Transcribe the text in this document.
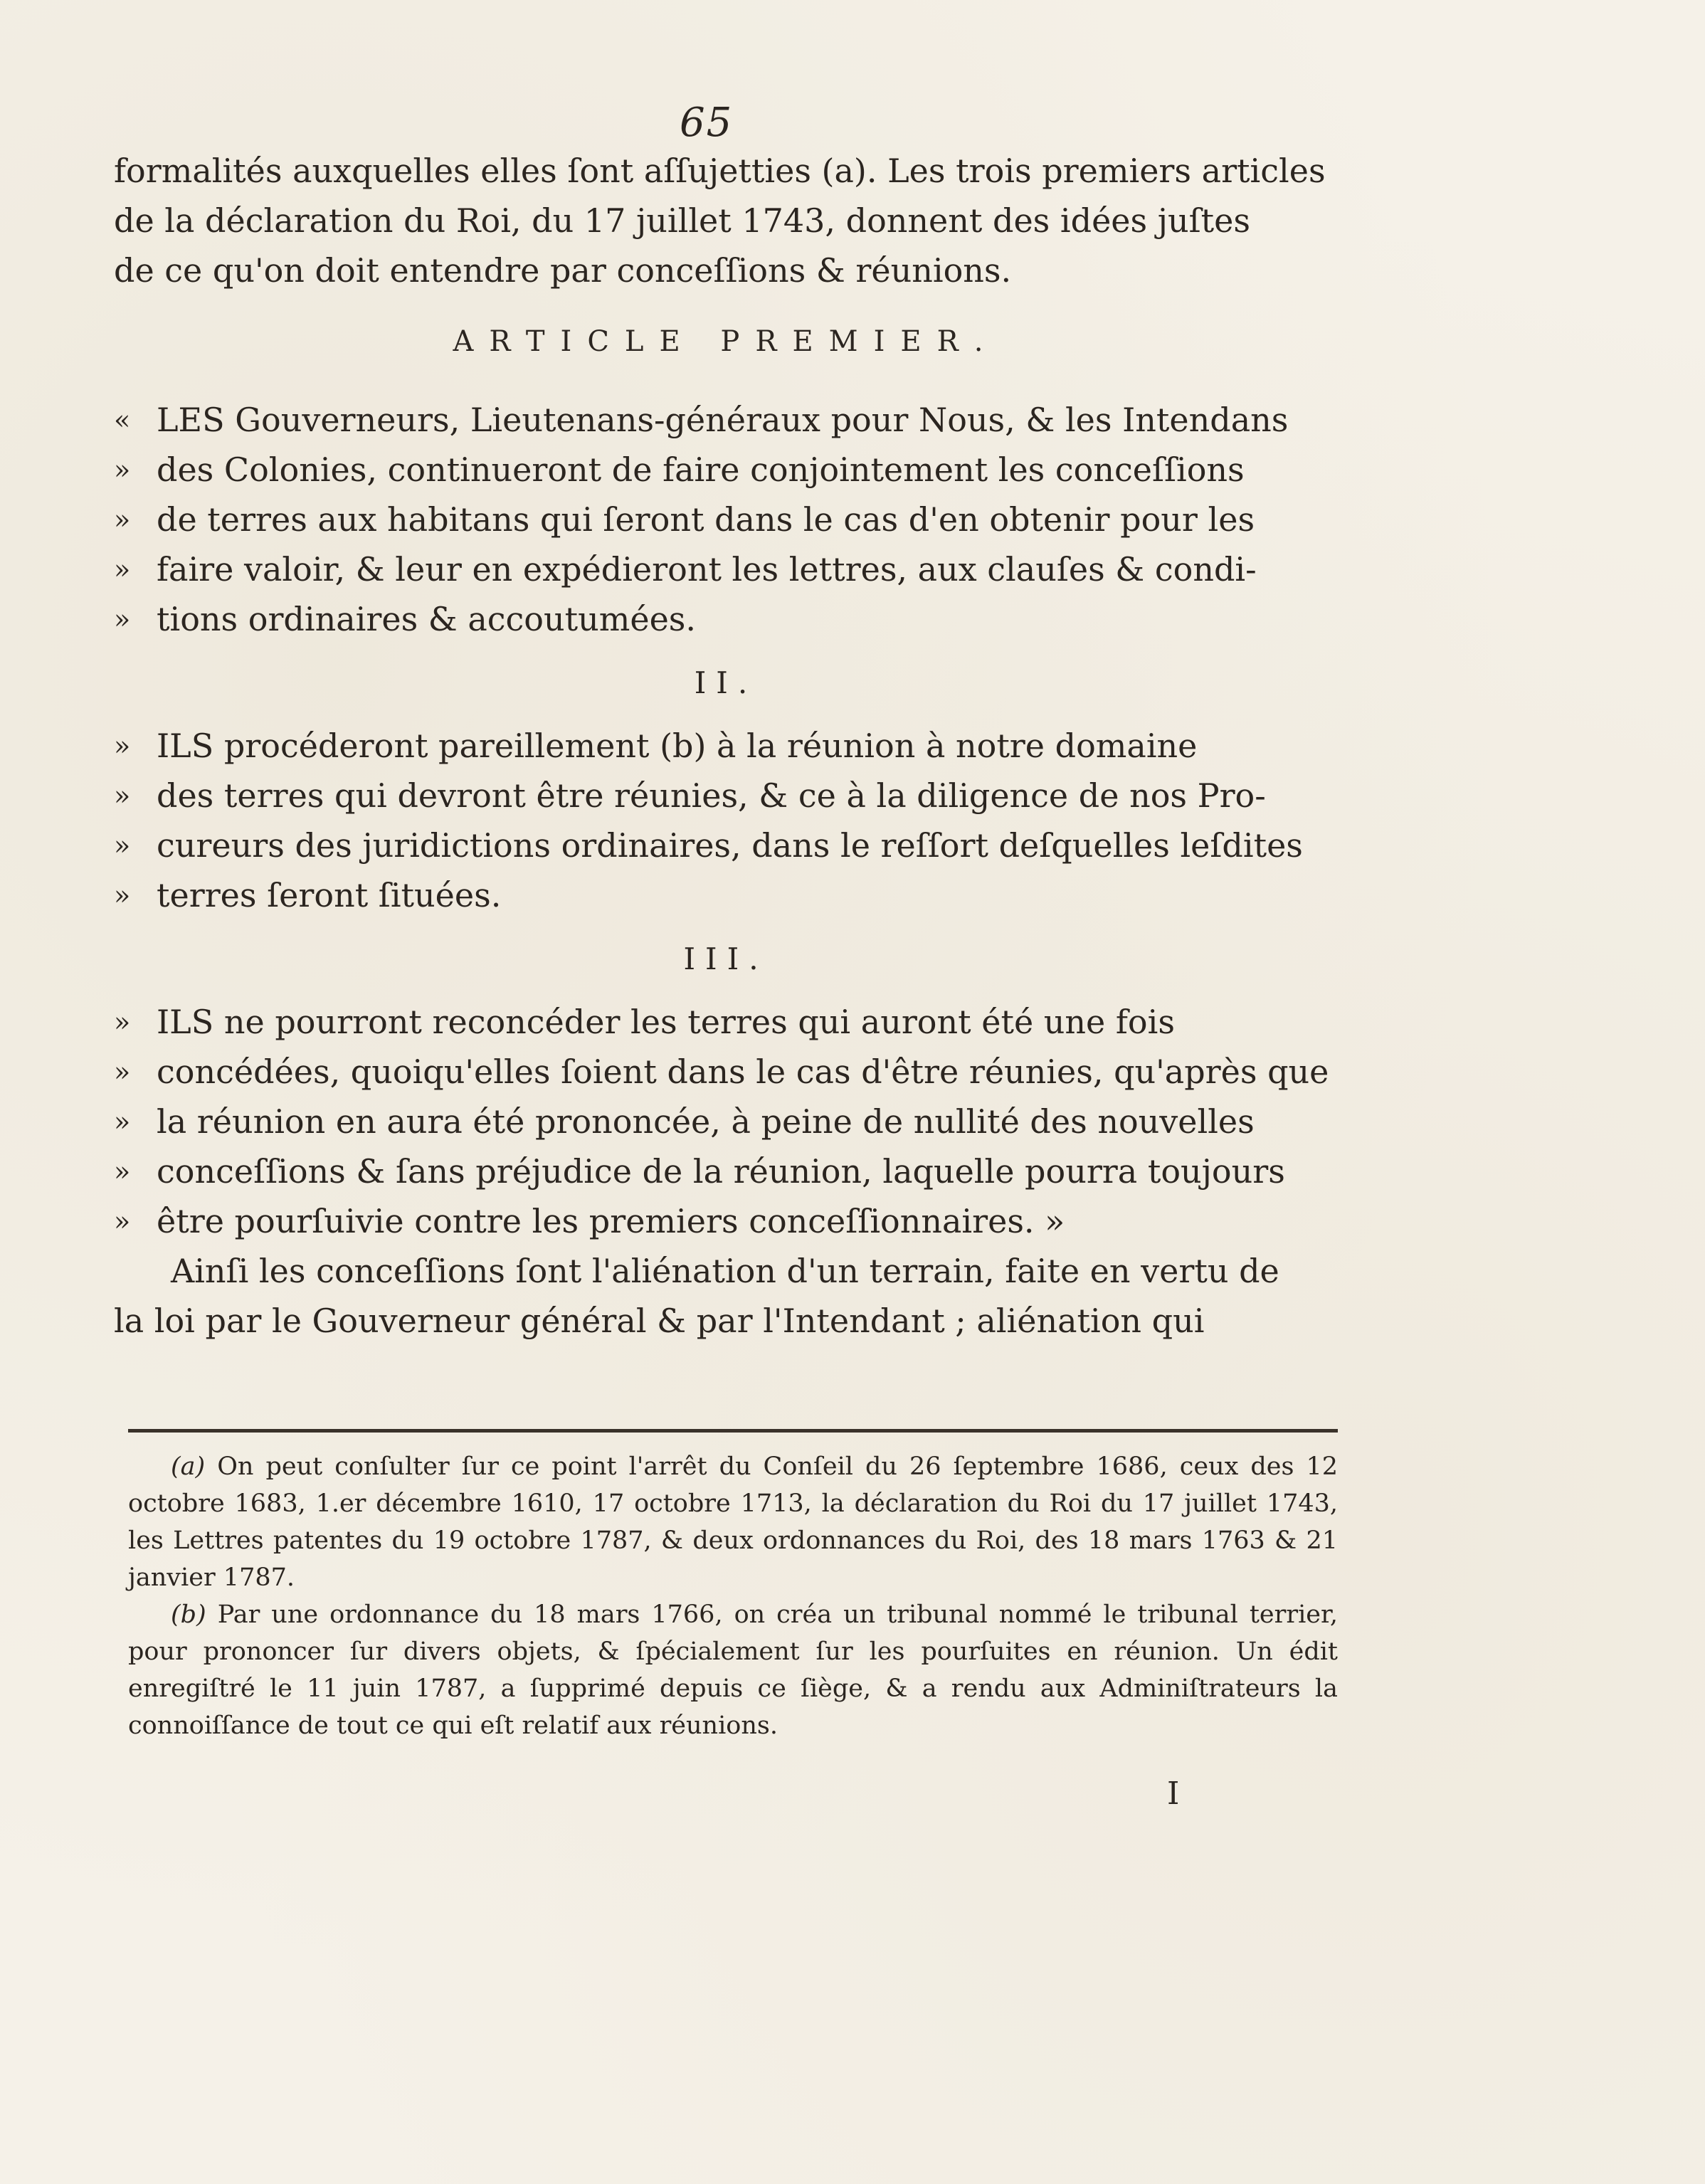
65

formalités auxquelles elles ſont aſſujetties (a). Les trois premiers articles

de la déclaration du Roi, du 17 juillet 1743, donnent des idées juſtes

de ce qu'on doit entendre par conceſſions & réunions.

ARTICLE PREMIER.

« LES Gouverneurs, Lieutenans-généraux pour Nous, & les Intendans

» des Colonies, continueront de faire conjointement les conceſſions

» de terres aux habitans qui ſeront dans le cas d'en obtenir pour les

» faire valoir, & leur en expédieront les lettres, aux clauſes & condi-

» tions ordinaires & accoutumées.

II.

» ILS procéderont pareillement (b) à la réunion à notre domaine

» des terres qui devront être réunies, & ce à la diligence de nos Pro-

» cureurs des juridictions ordinaires, dans le reſſort deſquelles leſdites

» terres ſeront ſituées.

III.

» ILS ne pourront reconcéder les terres qui auront été une fois

» concédées, quoiqu'elles ſoient dans le cas d'être réunies, qu'après que

» la réunion en aura été prononcée, à peine de nullité des nouvelles

» conceſſions & ſans préjudice de la réunion, laquelle pourra toujours

» être pourſuivie contre les premiers conceſſionnaires. »

Ainſi les conceſſions ſont l'aliénation d'un terrain, faite en vertu de

la loi par le Gouverneur général & par l'Intendant ; aliénation qui

(a) On peut conſulter ſur ce point l'arrêt du Conſeil du 26 ſeptembre 1686, ceux des 12 octobre 1683, 1.er décembre 1610, 17 octobre 1713, la déclaration du Roi du 17 juillet 1743, les Lettres patentes du 19 octobre 1787, & deux ordonnances du Roi, des 18 mars 1763 & 21 janvier 1787.

(b) Par une ordonnance du 18 mars 1766, on créa un tribunal nommé le tribunal terrier, pour prononcer ſur divers objets, & ſpécialement ſur les pourſuites en réunion. Un édit enregiſtré le 11 juin 1787, a ſupprimé depuis ce ſiège, & a rendu aux Adminiſtrateurs la connoiſſance de tout ce qui eſt relatif aux réunions.

I
